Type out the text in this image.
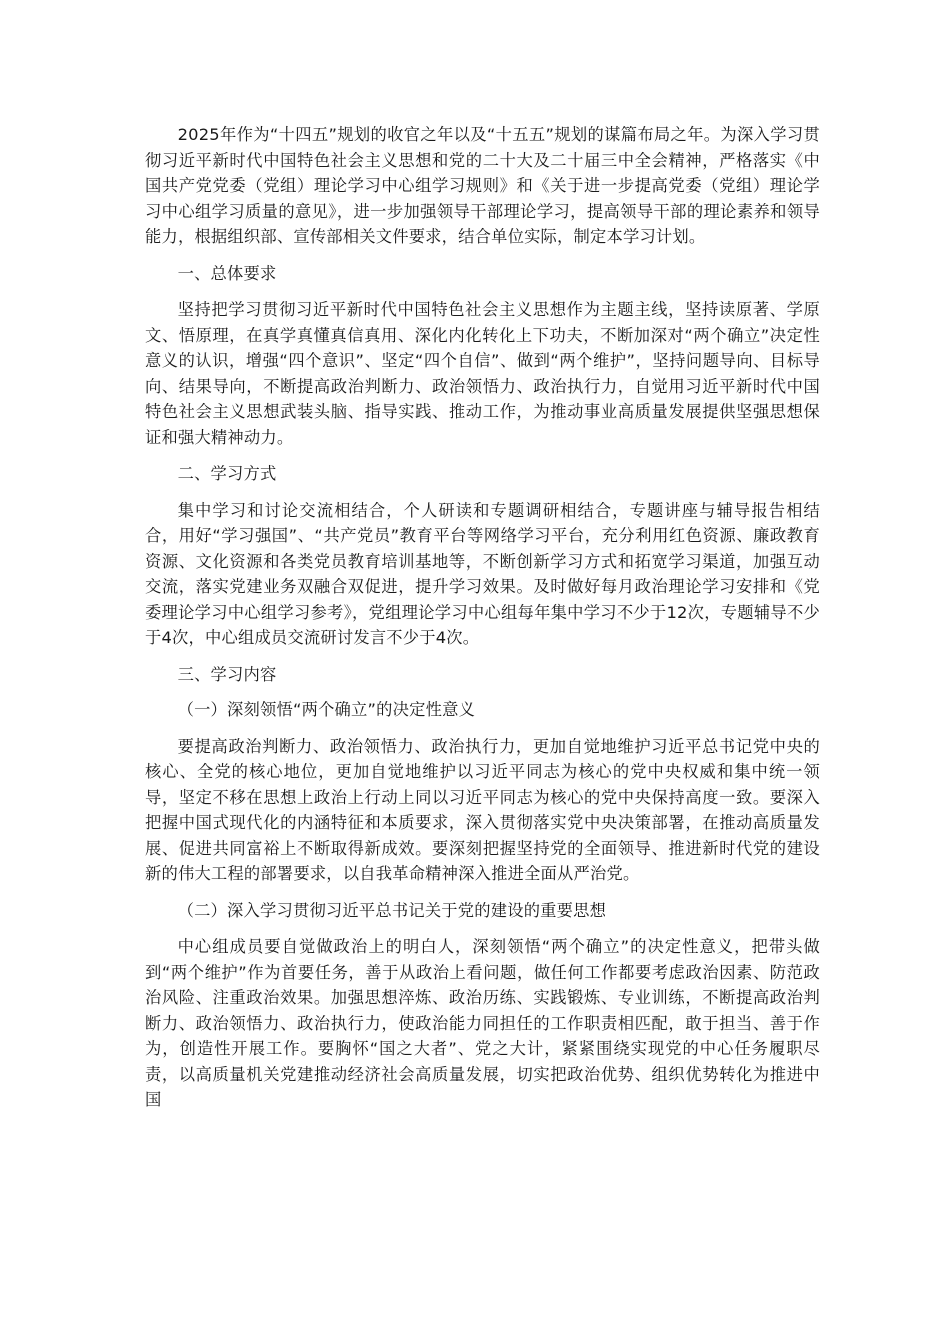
2025年作为“十四五”规划的收官之年以及“十五五”规划的谋篇布局之年。为深入学习贯彻习近平新时代中国特色社会主义思想和党的二十大及二十届三中全会精神，严格落实《中国共产党党委（党组）理论学习中心组学习规则》和《关于进一步提高党委（党组）理论学习中心组学习质量的意见》，进一步加强领导干部理论学习，提高领导干部的理论素养和领导能力，根据组织部、宣传部相关文件要求，结合单位实际，制定本学习计划。

一、总体要求

坚持把学习贯彻习近平新时代中国特色社会主义思想作为主题主线，坚持读原著、学原文、悟原理，在真学真懂真信真用、深化内化转化上下功夫，不断加深对“两个确立”决定性意义的认识，增强“四个意识”、坚定“四个自信”、做到“两个维护”，坚持问题导向、目标导向、结果导向，不断提高政治判断力、政治领悟力、政治执行力，自觉用习近平新时代中国特色社会主义思想武装头脑、指导实践、推动工作，为推动事业高质量发展提供坚强思想保证和强大精神动力。

二、学习方式

集中学习和讨论交流相结合，个人研读和专题调研相结合，专题讲座与辅导报告相结合，用好“学习强国”、“共产党员”教育平台等网络学习平台，充分利用红色资源、廉政教育资源、文化资源和各类党员教育培训基地等，不断创新学习方式和拓宽学习渠道，加强互动交流，落实党建业务双融合双促进，提升学习效果。及时做好每月政治理论学习安排和《党委理论学习中心组学习参考》，党组理论学习中心组每年集中学习不少于12次，专题辅导不少于4次，中心组成员交流研讨发言不少于4次。

三、学习内容

（一）深刻领悟“两个确立”的决定性意义

要提高政治判断力、政治领悟力、政治执行力，更加自觉地维护习近平总书记党中央的核心、全党的核心地位，更加自觉地维护以习近平同志为核心的党中央权威和集中统一领导，坚定不移在思想上政治上行动上同以习近平同志为核心的党中央保持高度一致。要深入把握中国式现代化的内涵特征和本质要求，深入贯彻落实党中央决策部署，在推动高质量发展、促进共同富裕上不断取得新成效。要深刻把握坚持党的全面领导、推进新时代党的建设新的伟大工程的部署要求，以自我革命精神深入推进全面从严治党。

（二）深入学习贯彻习近平总书记关于党的建设的重要思想

中心组成员要自觉做政治上的明白人，深刻领悟“两个确立”的决定性意义，把带头做到“两个维护”作为首要任务，善于从政治上看问题，做任何工作都要考虑政治因素、防范政治风险、注重政治效果。加强思想淬炼、政治历练、实践锻炼、专业训练，不断提高政治判断力、政治领悟力、政治执行力，使政治能力同担任的工作职责相匹配，敢于担当、善于作为，创造性开展工作。要胸怀“国之大者”、党之大计，紧紧围绕实现党的中心任务履职尽责，以高质量机关党建推动经济社会高质量发展，切实把政治优势、组织优势转化为推进中国
